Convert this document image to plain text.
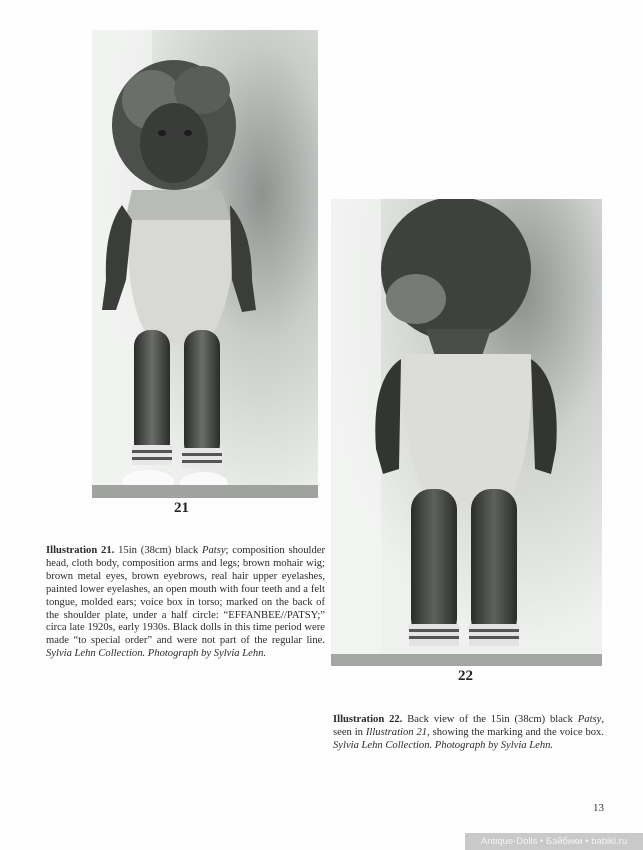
21
22

Illustration 21. 15in (38cm) black Patsy; composition shoulder head, cloth body, composition arms and legs; brown mohair wig; brown metal eyes, brown eyebrows, real hair upper eyelashes, painted lower eyelashes, an open mouth with four teeth and a felt tongue, molded ears; voice box in torso; marked on the back of the shoulder plate, under a half circle: “EFFANBEE//PATSY;” circa late 1920s, early 1930s. Black dolls in this time period were made “to special order” and were not part of the regular line. Sylvia Lehn Collection. Photograph by Sylvia Lehn.

Illustration 22. Back view of the 15in (38cm) black Patsy, seen in Illustration 21, showing the marking and the voice box. Sylvia Lehn Collection. Photograph by Sylvia Lehn.

13
Antique-Dolls • Бэйбики • babiki.ru
